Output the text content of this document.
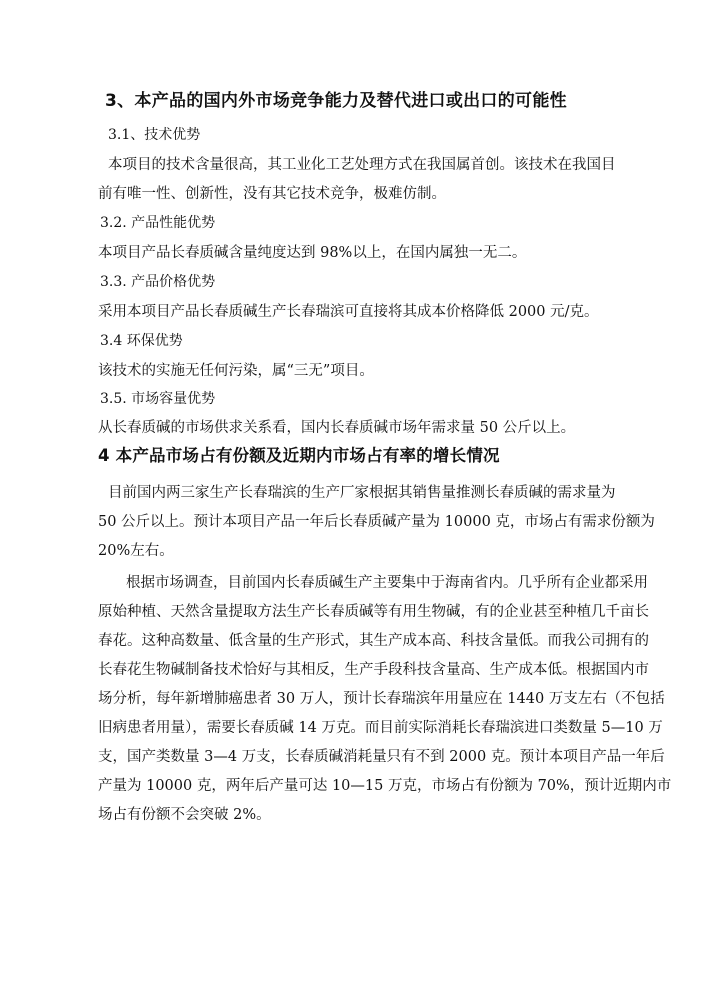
3、本产品的国内外市场竞争能力及替代进口或出口的可能性
3.1、技术优势
本项目的技术含量很高，其工业化工艺处理方式在我国属首创。该技术在我国目
前有唯一性、创新性，没有其它技术竞争，极难仿制。
3.2. 产品性能优势
本项目产品长春质碱含量纯度达到 98%以上，在国内属独一无二。
3.3. 产品价格优势
采用本项目产品长春质碱生产长春瑞滨可直接将其成本价格降低 2000 元/克。
3.4 环保优势
该技术的实施无任何污染，属“三无”项目。
3.5. 市场容量优势
从长春质碱的市场供求关系看，国内长春质碱市场年需求量 50 公斤以上。
4 本产品市场占有份额及近期内市场占有率的增长情况
目前国内两三家生产长春瑞滨的生产厂家根据其销售量推测长春质碱的需求量为
50 公斤以上。预计本项目产品一年后长春质碱产量为 10000 克，市场占有需求份额为
20%左右。
根据市场调查，目前国内长春质碱生产主要集中于海南省内。几乎所有企业都采用
原始种植、天然含量提取方法生产长春质碱等有用生物碱，有的企业甚至种植几千亩长
春花。这种高数量、低含量的生产形式，其生产成本高、科技含量低。而我公司拥有的
长春花生物碱制备技术恰好与其相反，生产手段科技含量高、生产成本低。根据国内市
场分析，每年新增肺癌患者 30 万人，预计长春瑞滨年用量应在 1440 万支左右（不包括
旧病患者用量），需要长春质碱 14 万克。而目前实际消耗长春瑞滨进口类数量 5—10 万
支，国产类数量 3—4 万支，长春质碱消耗量只有不到 2000 克。预计本项目产品一年后
产量为 10000 克，两年后产量可达 10—15 万克，市场占有份额为 70%，预计近期内市
场占有份额不会突破 2%。
